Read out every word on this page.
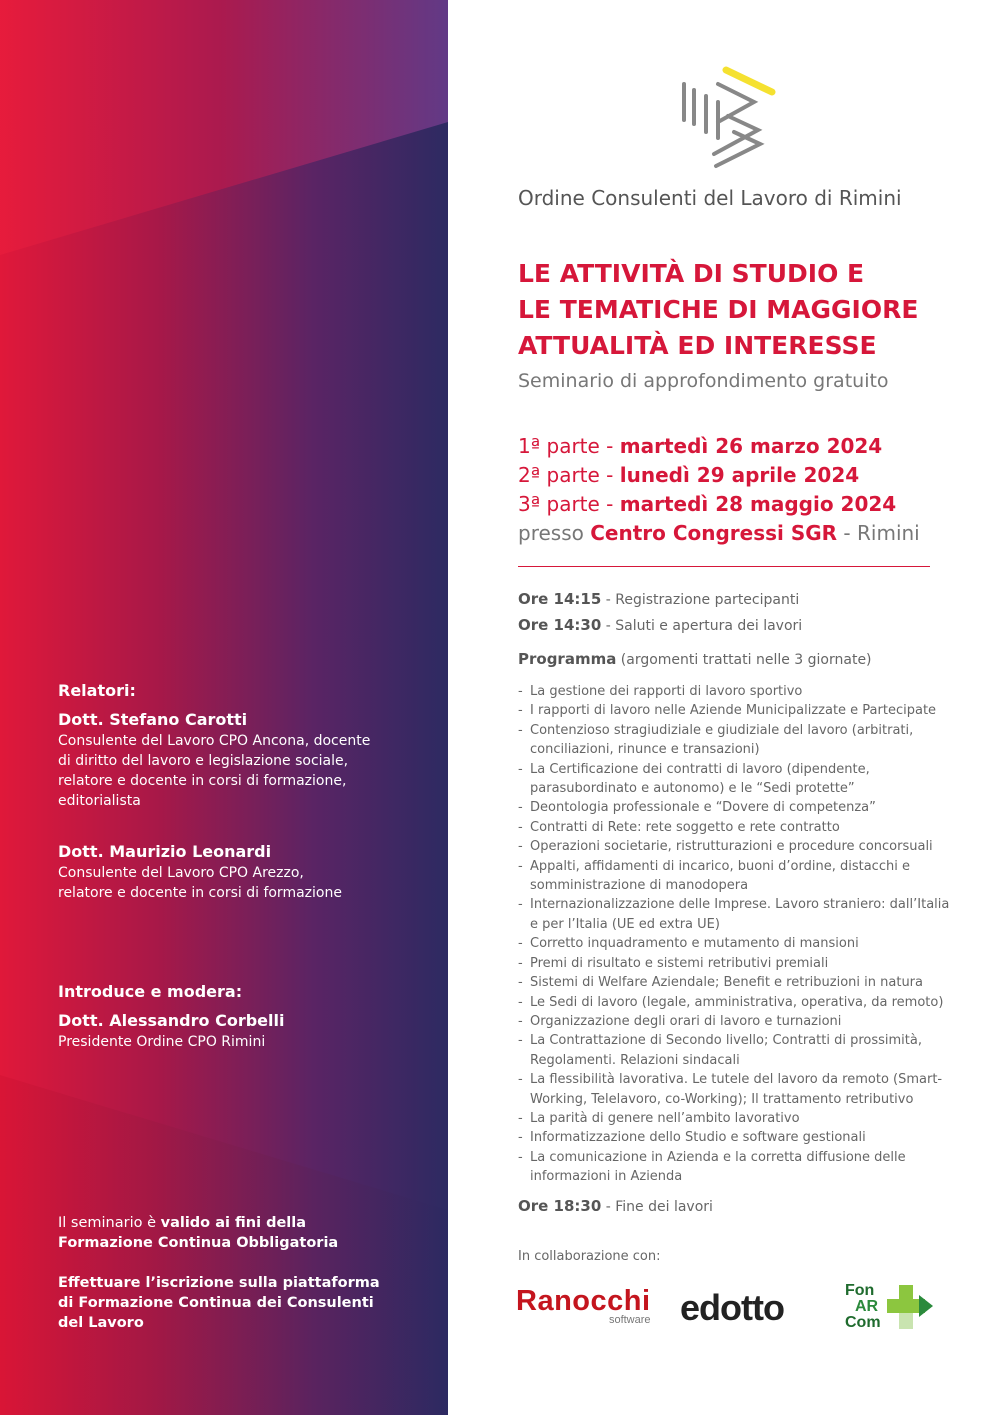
Relatori:
Dott. Stefano Carotti

Consulente del Lavoro CPO Ancona, docente

di diritto del lavoro e legislazione sociale,

relatore e docente in corsi di formazione,

editorialista

Dott. Maurizio Leonardi

Consulente del Lavoro CPO Arezzo,

relatore e docente in corsi di formazione

Introduce e modera:
Dott. Alessandro Corbelli

Presidente Ordine CPO Rimini

Il seminario è valido ai fini della
Formazione Continua Obbligatoria
Effettuare l’iscrizione sulla piattaforma
di Formazione Continua dei Consulenti
del Lavoro
Ordine Consulenti del Lavoro di Rimini
LE ATTIVITÀ DI STUDIO E
LE TEMATICHE DI MAGGIORE
ATTUALITÀ ED INTERESSE
Seminario di approfondimento gratuito
1ª parte - martedì 26 marzo 2024
2ª parte - lunedì 29 aprile 2024
3ª parte - martedì 28 maggio 2024
presso Centro Congressi SGR - Rimini
Ore 14:15 - Registrazione partecipanti
Ore 14:30 - Saluti e apertura dei lavori
Programma (argomenti trattati nelle 3 giornate)
- La gestione dei rapporti di lavoro sportivo
- I rapporti di lavoro nelle Aziende Municipalizzate e Partecipate
- Contenzioso stragiudiziale e giudiziale del lavoro (arbitrati, conciliazioni, rinunce e transazioni)
- La Certificazione dei contratti di lavoro (dipendente, parasubordinato e autonomo) e le “Sedi protette”
- Deontologia professionale e “Dovere di competenza”
- Contratti di Rete: rete soggetto e rete contratto
- Operazioni societarie, ristrutturazioni e procedure concorsuali
- Appalti, affidamenti di incarico, buoni d’ordine, distacchi e somministrazione di manodopera
- Internazionalizzazione delle Imprese. Lavoro straniero: dall’Italia e per l’Italia (UE ed extra UE)
- Corretto inquadramento e mutamento di mansioni
- Premi di risultato e sistemi retributivi premiali
- Sistemi di Welfare Aziendale; Benefit e retribuzioni in natura
- Le Sedi di lavoro (legale, amministrativa, operativa, da remoto)
- Organizzazione degli orari di lavoro e turnazioni
- La Contrattazione di Secondo livello; Contratti di prossimità, Regolamenti. Relazioni sindacali
- La flessibilità lavorativa. Le tutele del lavoro da remoto (Smart-Working, Telelavoro, co-Working); Il trattamento retributivo
- La parità di genere nell’ambito lavorativo
- Informatizzazione dello Studio e software gestionali
- La comunicazione in Azienda e la corretta diffusione delle informazioni in Azienda
Ore 18:30 - Fine dei lavori
In collaborazione con:
Ranocchi
software edotto	Fon
AR
Com
